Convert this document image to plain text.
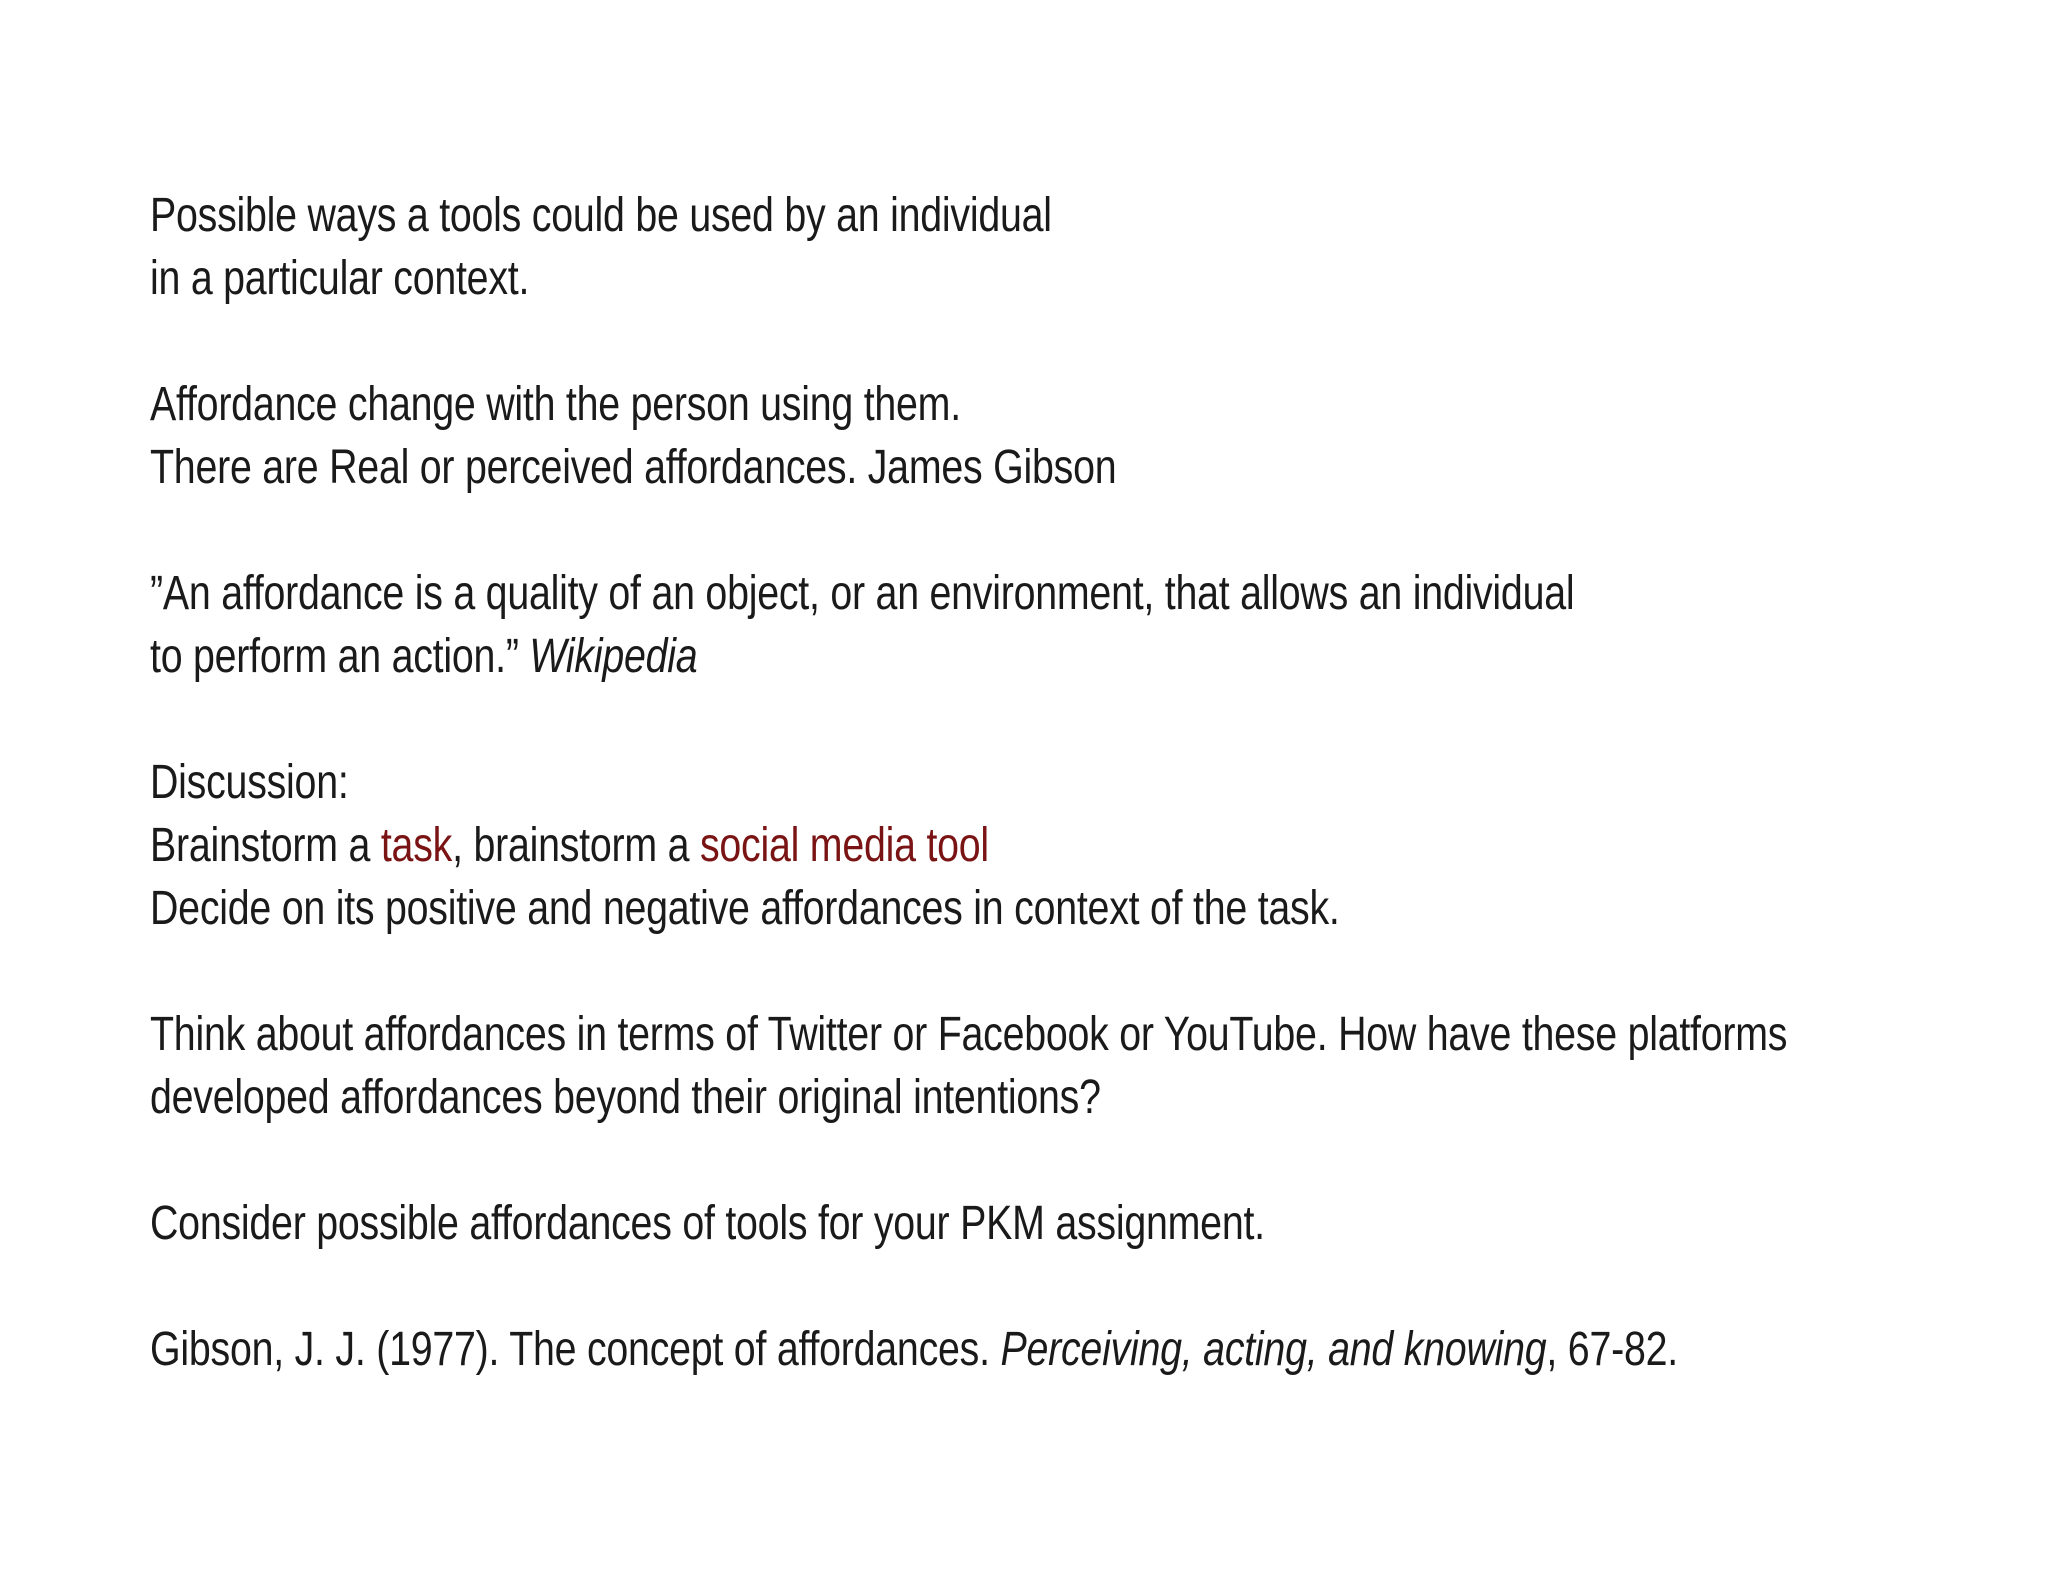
Possible ways a tools could be used by an individual
in a particular context.
Affordance change with the person using them.
There are Real or perceived affordances. James Gibson
”An affordance is a quality of an object, or an environment, that allows an individual
to perform an action.” Wikipedia
Discussion:
Brainstorm a task, brainstorm a social media tool
Decide on its positive and negative affordances in context of the task.
Think about affordances in terms of Twitter or Facebook or YouTube. How have these platforms
developed affordances beyond their original intentions?
Consider possible affordances of tools for your PKM assignment.
Gibson, J. J. (1977). The concept of affordances. Perceiving, acting, and knowing, 67-82.
